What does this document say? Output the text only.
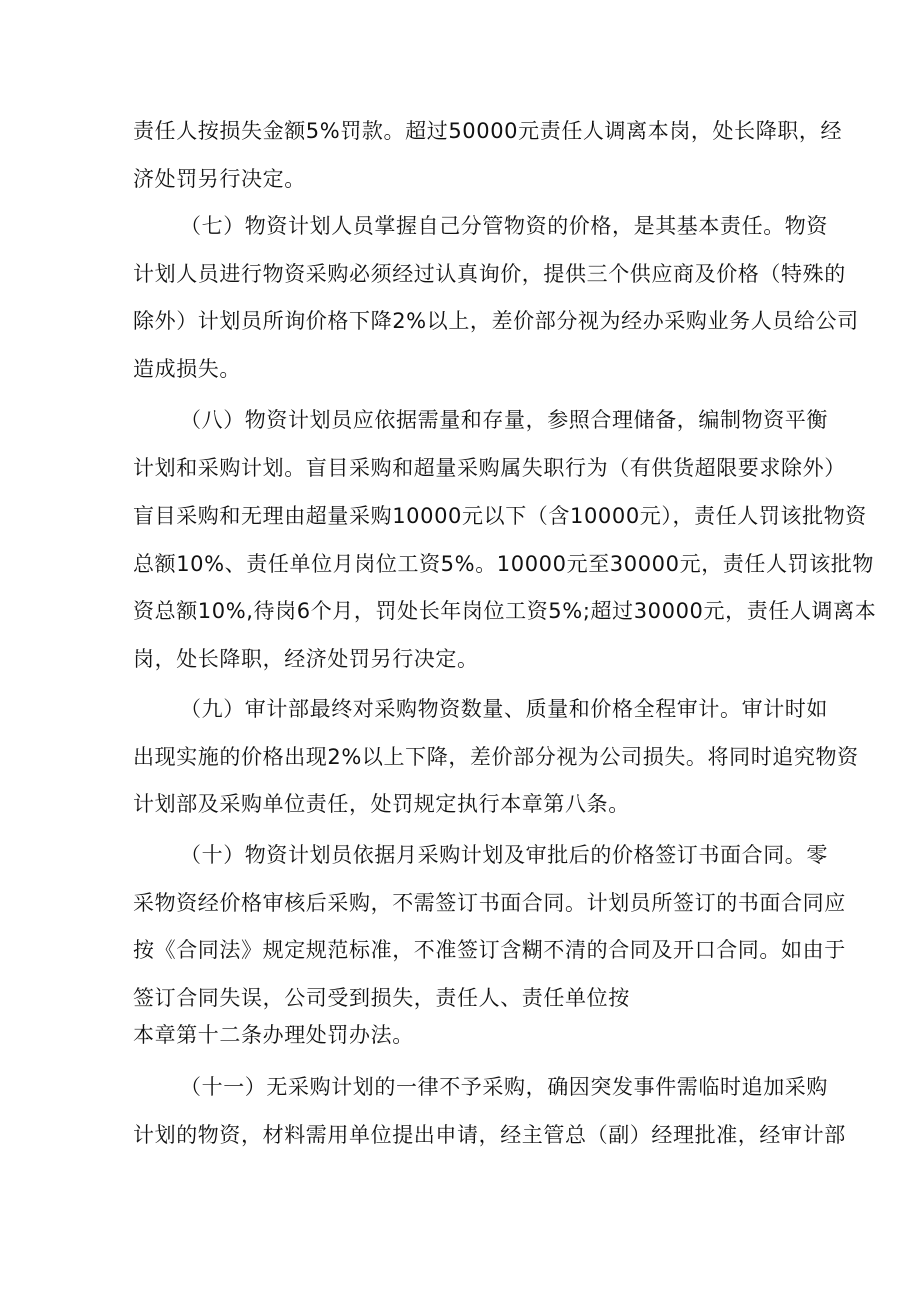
责任人按损失金额5%罚款。超过50000元责任人调离本岗，处长降职，经
济处罚另行决定。
（七）物资计划人员掌握自己分管物资的价格，是其基本责任。物资
计划人员进行物资采购必须经过认真询价，提供三个供应商及价格（特殊的
除外）计划员所询价格下降2%以上，差价部分视为经办采购业务人员给公司
造成损失。
（八）物资计划员应依据需量和存量，参照合理储备，编制物资平衡
计划和采购计划。盲目采购和超量采购属失职行为（有供货超限要求除外）
盲目采购和无理由超量采购10000元以下（含10000元），责任人罚该批物资
总额10%、责任单位月岗位工资5%。10000元至30000元，责任人罚该批物
资总额10%,待岗6个月，罚处长年岗位工资5%;超过30000元，责任人调离本
岗，处长降职，经济处罚另行决定。
（九）审计部最终对采购物资数量、质量和价格全程审计。审计时如
出现实施的价格出现2%以上下降，差价部分视为公司损失。将同时追究物资
计划部及采购单位责任，处罚规定执行本章第八条。
（十）物资计划员依据月采购计划及审批后的价格签订书面合同。零
采物资经价格审核后采购，不需签订书面合同。计划员所签订的书面合同应
按《合同法》规定规范标准，不准签订含糊不清的合同及开口合同。如由于
签订合同失误，公司受到损失，责任人、责任单位按
本章第十二条办理处罚办法。
（十一）无采购计划的一律不予采购，确因突发事件需临时追加采购
计划的物资，材料需用单位提出申请，经主管总（副）经理批准，经审计部
